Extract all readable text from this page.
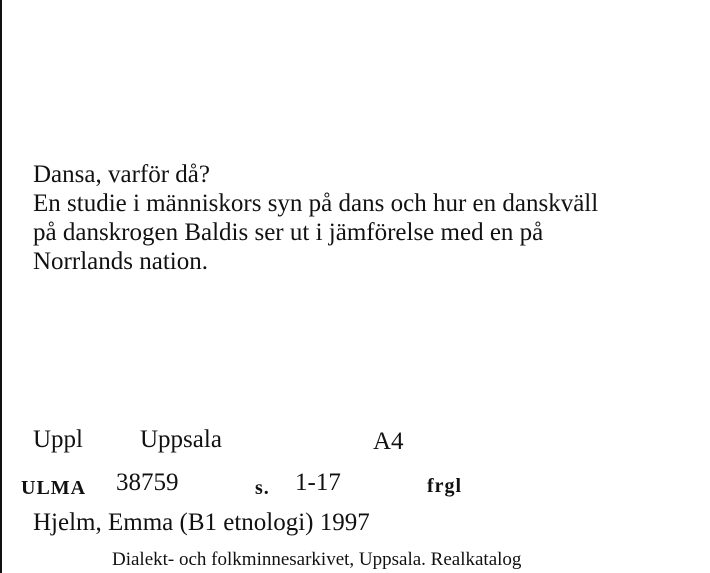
Dansa, varför då?
En studie i människors syn på dans och hur en danskväll
på danskrogen Baldis ser ut i jämförelse med en på
Norrlands nation.
Uppl Uppsala	A4
ULMA 38759	s. 1-17	frgl
Hjelm, Emma (B1 etnologi) 1997
Dialekt- och folkminnesarkivet, Uppsala. Realkatalog
